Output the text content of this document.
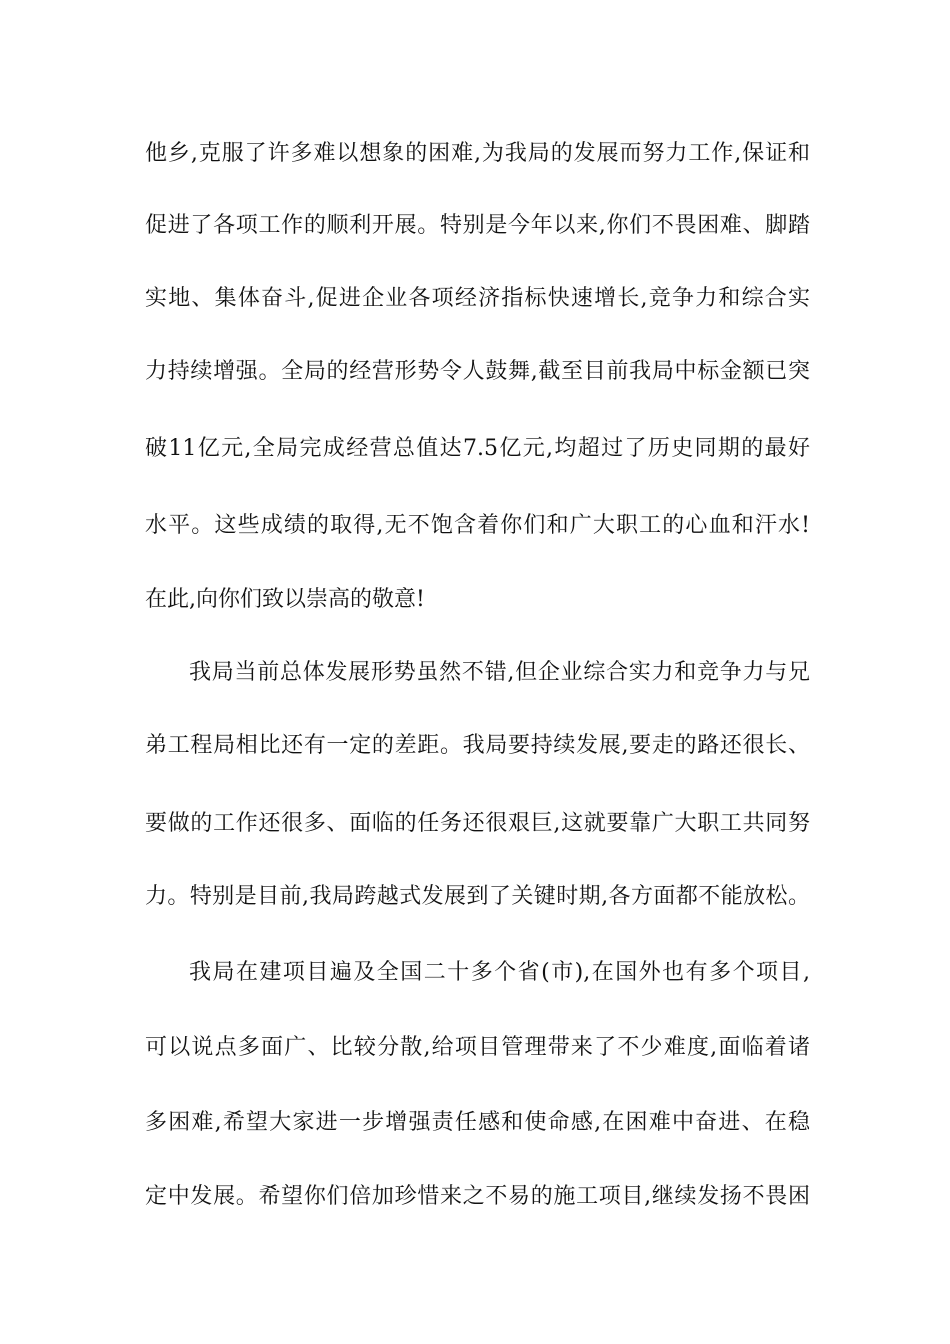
他乡,克服了许多难以想象的困难,为我局的发展而努力工作,保证和
促进了各项工作的顺利开展。特别是今年以来,你们不畏困难、脚踏
实地、集体奋斗,促进企业各项经济指标快速增长,竞争力和综合实
力持续增强。全局的经营形势令人鼓舞,截至目前我局中标金额已突
破11亿元,全局完成经营总值达7.5亿元,均超过了历史同期的最好
水平。这些成绩的取得,无不饱含着你们和广大职工的心血和汗水!
在此,向你们致以崇高的敬意!
我局当前总体发展形势虽然不错,但企业综合实力和竞争力与兄
弟工程局相比还有一定的差距。我局要持续发展,要走的路还很长、
要做的工作还很多、面临的任务还很艰巨,这就要靠广大职工共同努
力。特别是目前,我局跨越式发展到了关键时期,各方面都不能放松。
我局在建项目遍及全国二十多个省(市),在国外也有多个项目,
可以说点多面广、比较分散,给项目管理带来了不少难度,面临着诸
多困难,希望大家进一步增强责任感和使命感,在困难中奋进、在稳
定中发展。希望你们倍加珍惜来之不易的施工项目,继续发扬不畏困
